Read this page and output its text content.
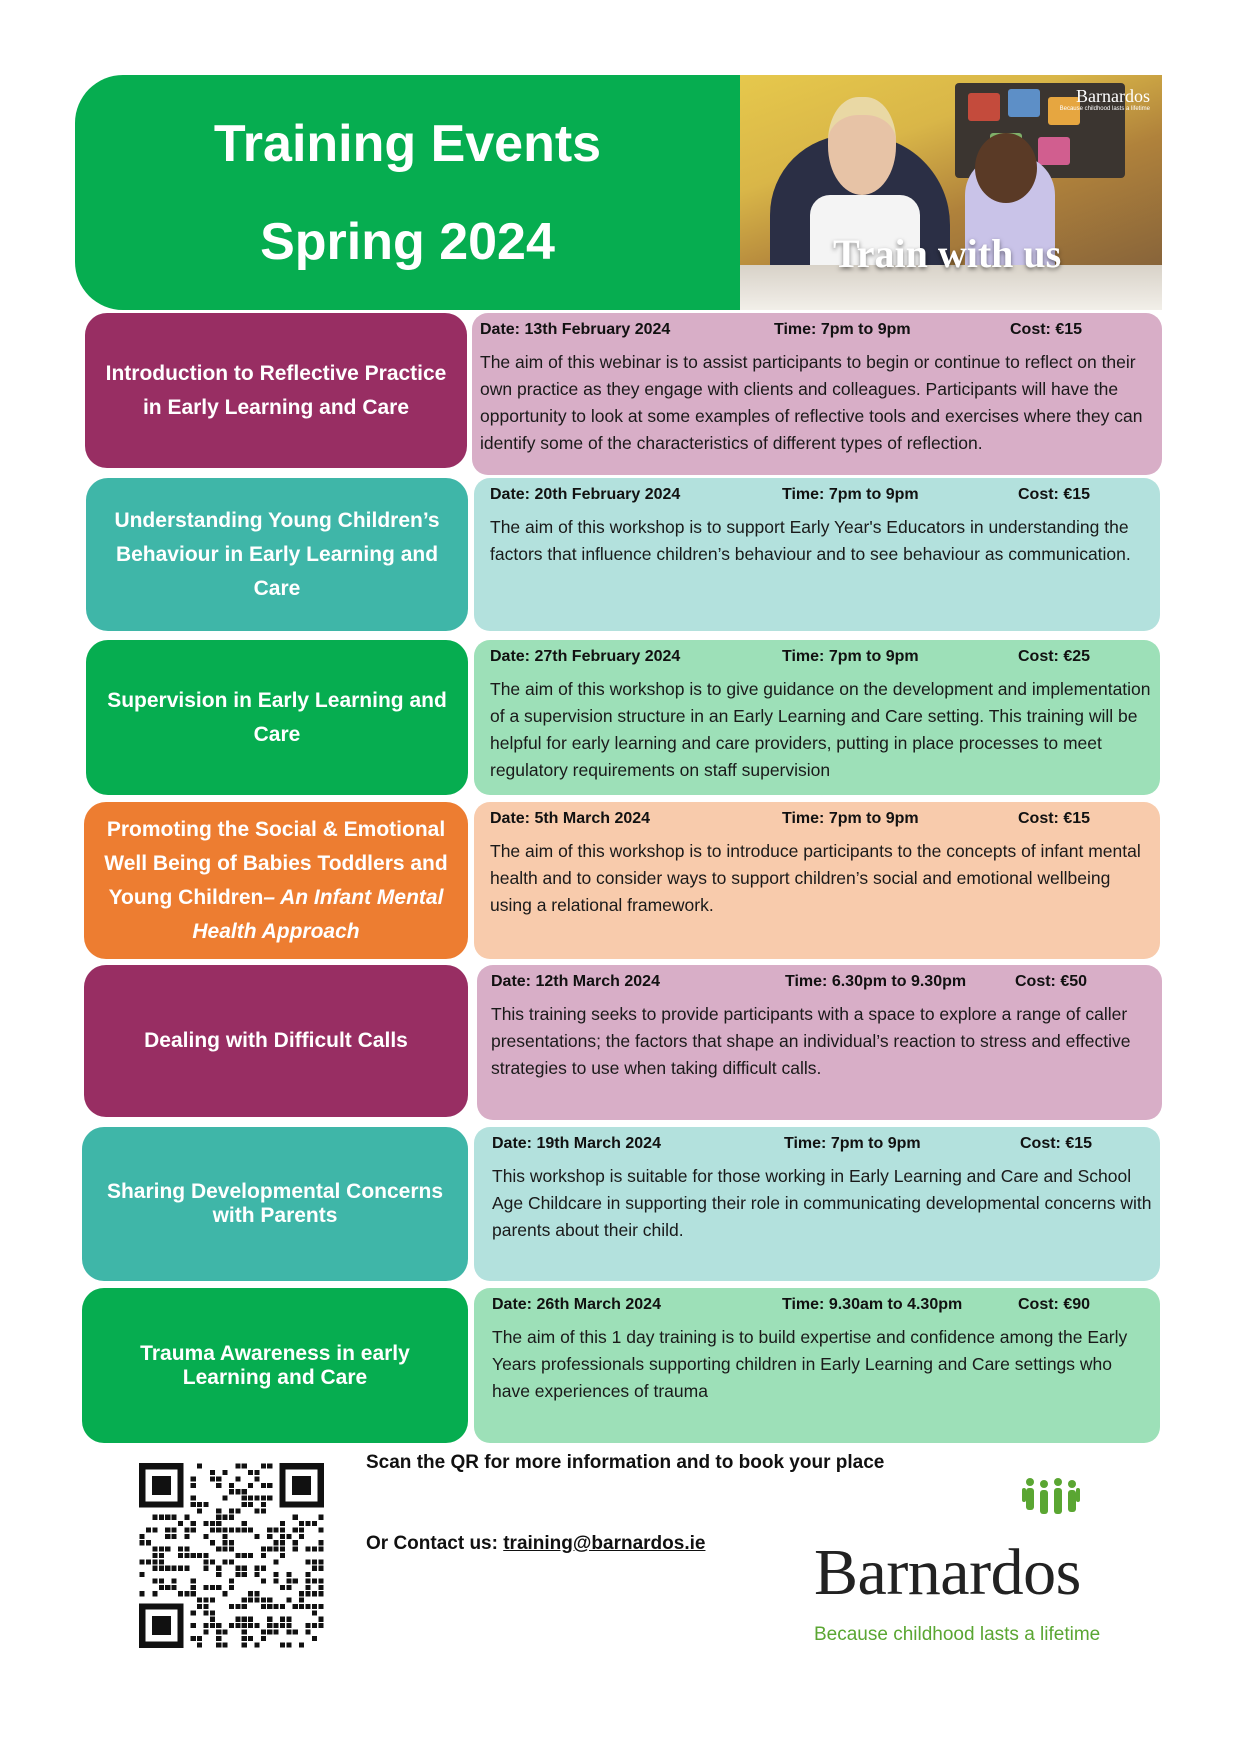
Training Events
Spring 2024
Barnardos
Because childhood lasts a lifetime
Train with us
Introduction to Reflective Practice in Early Learning and Care
Date: 13th February 2024	Time: 7pm to 9pm	Cost: €15
The aim of this webinar is to assist participants to begin or continue to reflect on their own practice as they engage with clients and colleagues. Participants will have the opportunity to look at some examples of reflective tools and exercises where they can identify some of the characteristics of different types of reflection.
Understanding Young Children’s Behaviour in Early Learning and Care
Date: 20th February 2024	Time: 7pm to 9pm	Cost: €15
The aim of this workshop is to support Early Year's Educators in understanding the factors that influence children’s behaviour and to see behaviour as communication.
Supervision in Early Learning and Care
Date: 27th February 2024	Time: 7pm to 9pm	Cost: €25
The aim of this workshop is to give guidance on the development and implementation of a supervision structure in an Early Learning and Care setting. This training will be helpful for early learning and care providers, putting in place processes to meet regulatory requirements on staff supervision
Promoting the Social & Emotional Well Being of Babies Toddlers and Young Children– An Infant Mental Health Approach
Date: 5th March 2024	Time: 7pm to 9pm	Cost: €15
The aim of this workshop is to introduce participants to the concepts of infant mental health and to consider ways to support children’s social and emotional wellbeing using a relational framework.
Dealing with Difficult Calls
Date: 12th March 2024	Time: 6.30pm to 9.30pm	Cost: €50
This training seeks to provide participants with a space to explore a range of caller presentations; the factors that shape an individual’s reaction to stress and effective strategies to use when taking difficult calls.
Sharing Developmental Concerns with Parents
Date: 19th March 2024	Time: 7pm to 9pm	Cost: €15
This workshop is suitable for those working in Early Learning and Care and School Age Childcare in supporting their role in communicating developmental concerns with parents about their child.
Trauma Awareness in early Learning and Care
Date: 26th March 2024	Time: 9.30am to 4.30pm	Cost: €90
The aim of this 1 day training is to build expertise and confidence among the Early Years professionals supporting children in Early Learning and Care settings who have experiences of trauma
Scan the QR for more information and to book your place
Or Contact us: training@barnardos.ie Barnardos
Because childhood lasts a lifetime
